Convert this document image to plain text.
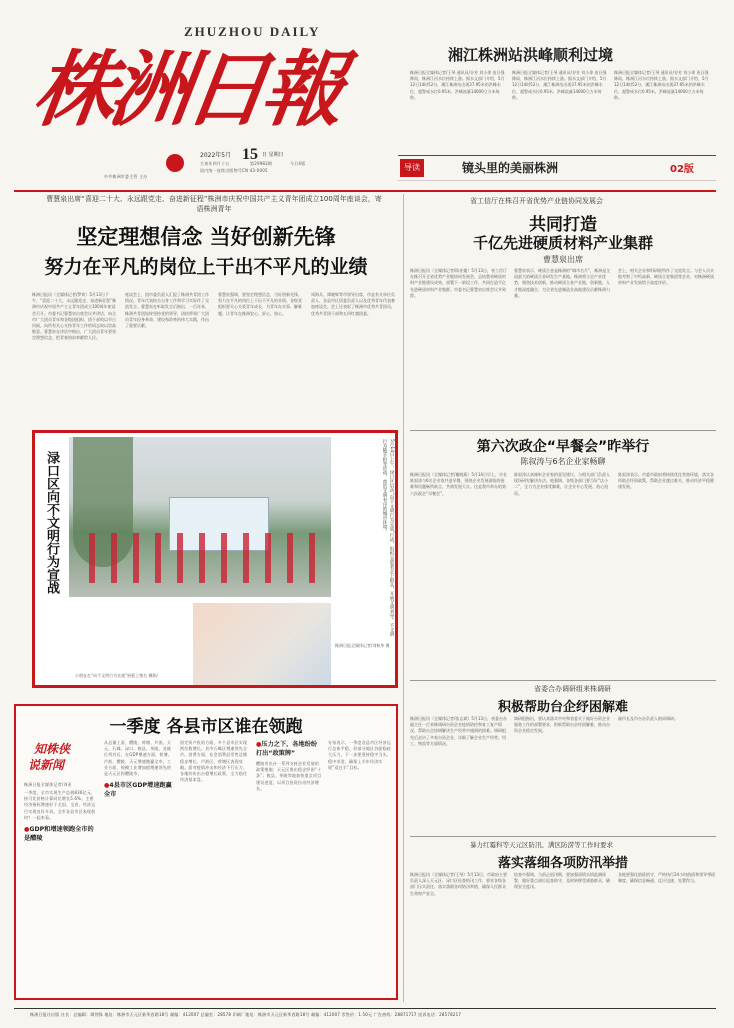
ZHUZHOU DAILY
株洲日報
中共株洲市委主管 主办
2022年5月 15 日 星期日
壬寅年四月十五	第29983期	今日4版
国内统一连续出版物号CN 43-0005
湘江株洲站洪峰顺利过境
株洲日报全媒体记者/王琴 通讯员/谷芳 刘小琼 连日强降雨，株洲江河水位持续上涨。据水文部门介绍，5月12日14时52分，湘江株洲站出现37.95米的洪峰水位，超警戒水位0.95米，洪峰流量14000立方米每秒。
株洲日报全媒体记者/王琴 通讯员/谷芳 刘小琼 连日强降雨，株洲江河水位持续上涨。据水文部门介绍，5月12日14时52分，湘江株洲站出现37.95米的洪峰水位，超警戒水位0.95米，洪峰流量14000立方米每秒。
株洲日报全媒体记者/王琴 通讯员/谷芳 刘小琼 连日强降雨，株洲江河水位持续上涨。据水文部门介绍，5月12日14时52分，湘江株洲站出现37.95米的洪峰水位，超警戒水位0.95米，洪峰流量14000立方米每秒。
导读	镜头里的美丽株洲	02版
曹慧泉出席“喜迎二十大、永远跟党走、奋进新征程”株洲市庆祝中国共产主义青年团成立100周年座谈会，寄语株洲青年
坚定理想信念 当好创新先锋
努力在平凡的岗位上干出不平凡的业绩
株洲日报讯（全媒体记者/罗欢）5月13日下午，“喜迎二十大、永远跟党走、奋进新征程”株洲市庆祝中国共产主义青年团成立100周年座谈会召开。市委书记曹慧泉出席会议并讲话，向全市广大团员青年和各级团组织、团干部致以节日问候，向所有关心支持青年工作的同志致以崇高敬意。曹慧泉在讲话中指出，广大团员青年要坚定理想信念，把青春热血奉献给人民。
座谈会上，团市委负责人汇报了株洲共青团工作情况。青年代表结合自身工作和学习实际作了交流发言。曹慧泉在听取发言后指出，一百年来，株洲共青团始终坚持党的领导，团结带领广大团员青年投身革命、建设和改革的伟大实践，作出了重要贡献。
曹慧泉强调，要坚定理想信念，当好创新先锋，努力在平凡的岗位上干出不平凡的业绩。各级党组织要关心关爱青年成长，为青年办实事、解难题，让青年在株洲安心、舒心、放心。
周海兵、谭晓辉等市领导出席，市直有关单位负责人、各县市区团委负责人以及优秀青年代表参加座谈会。会上还表彰了株洲市优秀共青团员、优秀共青团干部和五四红旗团委。
渌口区向不文明行为宣战	5月14日上午，渌口区启动“向不文明行为宣战”行动，组织志愿者走上街头，开展文明劝导、不文明行为随手拍等活动，营造文明有序的城市环境。
株洲日报全媒体记者/刘秋华 摄
小朋友在“向不文明行为宣战”展板上签名 摄影/
省工信厅在株召开省优势产业链协同发展会
共同打造
千亿先进硬质材料产业集群
曹慧泉出席
株洲日报讯（全媒体记者/陈亚婕）5月13日，省工信厅在株召开全省优势产业链协同发展会，总结我省硬质材料产业链建设成效，部署下一阶段工作，共同打造千亿先进硬质材料产业集群。市委书记曹慧泉出席会议并致辞。
曹慧泉表示，硬质合金是株洲的“城市名片”，株洲是全国最大的硬质合金研发生产基地。株洲将立足产业优势，聚焦技术创新，推动硬质合金产业链、创新链、人才链深度融合，为全省先进制造业高地建设贡献株洲力量。
会上，相关企业和科研院所作了交流发言。与会人员实地考察了中钨高新、硬质合金集团等企业，对株洲硬质材料产业发展给予高度评价。
第六次政企“早餐会”昨举行
陈叙涛与6名企业家畅聊
株洲日报讯（全媒体记者/谢晓燕）5月14日早上，市长陈叙涛与6名企业家共进早餐，围绕企业发展面临的困难和问题畅所欲言，共商发展大计。这是我市举办的第六次政企“早餐会”。
陈叙涛认真倾听企业家的意见建议，与相关部门负责人现场研究解决办法。他强调，各级各部门要当好“店小二”，全力为企业排忧解难，让企业专心发展、放心投资。
陈叙涛表示，市委市政府将持续优化营商环境，落实各项助企纾困政策，帮助企业渡过难关，推动经济平稳健康发展。
省委合办调研组来株调研
积极帮助台企纾困解难
株洲日报讯（全媒体记者/张志斌）5月13日，省委台办副主任一行来株调研台资企业疫情防控和复工复产情况，帮助台企协调解决生产经营中遇到的困难。调研组先后走访了多家台资企业，详细了解企业生产经营、用工、物流等方面情况。
调研组指出，要认真落实中央和省委关于做好台资企业服务工作的部署要求，积极帮助台企纾困解难，推动台资企业稳定发展。
副市长及市台办负责人陪同调研。
暴力红霉科等天元区防汛、满区防涝等工作时要求
落实落细各项防汛举措
株洲日报讯（全媒体记者/王琴）5月13日，市政府主要负责人深入天元区、渌口区检查防汛工作，要求各级各部门压实责任，落实落细各项防汛举措，确保人民群众生命财产安全。
检查中强调，当前正值汛期，要加强雨情水情监测预警，做好重点部位巡查防守，及时转移受威胁群众，确保安全度汛。
各地要强化值班值守，严格执行24小时值班和领导带班制度，确保信息畅通、反应迅速、处置得当。
一季度 各县市区谁在领跑
知株侠
说新闻
株洲日报全媒体记者/刘亚
一季度，全市实现生产总值836亿元，按可比价格计算同比增长5.6%。主要经济指标增速好于全国、全省，经济运行实现良好开局。全市各县市区表现如何？一起来看。
●GDP和增速领跑全市的是醴陵
从总量上看，醴陵、荷塘、芦淞、天元、石峰、渌口、攸县、茶陵、炎陵位列其后。在GDP增速方面，荷塘、芦淞、醴陵、天元增速跑赢全市。工业方面，规模工业增加值增速领先的是天元区和醴陵市。
●4县市区GDP增速跑赢全市
固定资产投资方面，多个县市区实现两位数增长，其中石峰区增速领先全市。消费方面，社会消费品零售总额稳步增长，芦淞区、荷塘区表现亮眼。面对疫情冲击和经济下行压力，各地纷纷出台稳增长政策，全力稳住经济基本盘。
●压力之下，各地纷纷打出“政策牌”
醴陵市出台一系列支持企业发展的政策措施；天元区推出稳企纾困“十条”；攸县、茶陵等地加快重点项目建设进度，以项目投资拉动经济增长。
专家表示，一季度各县市区经济运行总体平稳，但部分地区仍面临较大压力。下一步要坚持稳字当头、稳中求进，确保上半年经济实现“双过半”目标。
株洲日报社出版 社长：总编辑：谭剑锋 地址：株洲市天元区新华西路18号 邮编：412007 总编室：28578 印刷厂地址：株洲市天元区新华西路18号 邮编：412007 零售价：1.50元 广告热线：28871717 投诉电话：28578217
